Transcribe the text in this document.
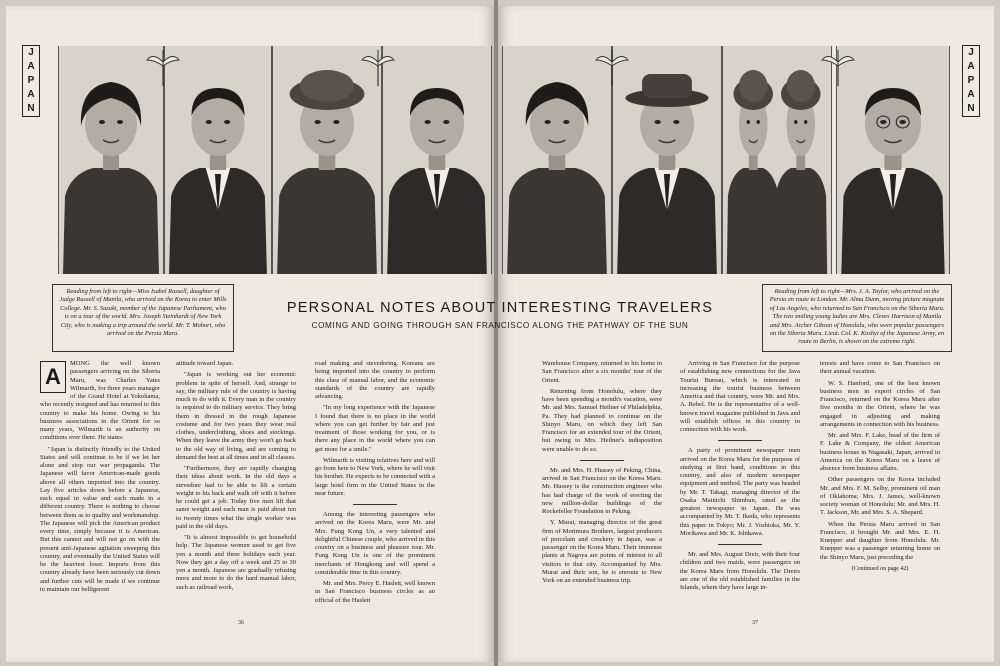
J
A
P
A
N
J
A
P
A
N
Reading from left to right—Miss Isabel Russell, daughter of Judge Russell of Manila, who arrived on the Korea to enter Mills College. Mr. S. Suzuki, member of the Japanese Parliament, who is on a tour of the world. Mrs. Joseph Steinhardt of New York City, who is making a trip around the world. Mr. T. Mohori, who arrived on the Persia Maru.
Reading from left to right—Mrs. J. A. Taylor, who arrived on the Persia en route to London. Mr. Alma Dunn, moving picture magnate of Los Angeles, who returned to San Francisco on the Siberia Maru. The two smiling young ladies are Mrs. Cleves Harrison of Manila and Mrs. Archer Gibson of Honolulu, who were popular passengers on the Siberia Maru. Lieut. Col. K. Koshyi of the Japanese Army, en route to Berlin, is shown on the extreme right.
PERSONAL NOTES ABOUT INTERESTING TRAVELERS
COMING AND GOING THROUGH SAN FRANCISCO ALONG THE PATHWAY OF THE SUN

A
MONG the well known passengers arriving on the Siberia Maru, was Charles Yates Wilmarth, for three years manager of the Grand Hotel at Yokohama, who recently resigned and has returned to this country to make his home. Owing to his business associations in the Orient for so many years, Wilmarth is an authority on conditions over there. He states:

"Japan is distinctly friendly to the United States and will continue to be if we let her alone and stop our war propaganda. The Japanese will favor American-made goods above all others imported into the country. Lay five articles down before a Japanese, each equal in value and each made in a different country. There is nothing to choose between them as to quality and workmanship. The Japanese will pick the American product every time, simply because it is American. But this cannot and will not go on with the present anti-Japanese agitation sweeping this country, and eventually the United States will be the heaviest loser. Imports from this country already have been seriously cut down and further cuts will be made if we continue to maintain our belligerent

attitude toward Japan.

"Japan is working out her economic problem in spite of herself. And, strange to say, the military rule of the country is having much to do with it. Every man in the country is required to do military service. They bring them in dressed in the rough Japanese costume and for two years they wear real clothes, underclothing, shoes and stockings. When they leave the army they won't go back to the old way of living, and are coming to demand the best at all times and in all classes.

"Furthermore, they are rapidly changing their ideas about work. In the old days a stevedore had to be able to lift a certain weight to his back and walk off with it before he could get a job. Today five men lift that same weight and each man is paid about ten to twenty times what the single worker was paid in the old days.

"It is almost impossible to get household help. The Japanese women used to get five yen a month and three holidays each year. Now they get a day off a week and 25 to 30 yen a month. Japanese are gradually refusing more and more to do the hard manual labor, such as railroad work,

road making and stevedoring. Koreans are being imported into the country to perform this class of manual labor, and the economic standards of the country are rapidly advancing.

"In my long experience with the Japanese I found that there is no place in the world where you can get further by fair and just treatment of those working for you, or is there any place in the world where you can get more for a smile."

Wilmarth is visiting relatives here and will go from here to New York, where he will visit his brother. He expects to be connected with a large hotel firm in the United States in the near future.

Among the interesting passengers who arrived on the Korea Maru, were Mr. and Mrs. Fung Kong Un, a very talented and delightful Chinese couple, who arrived in this country on a business and pleasure tour. Mr. Fung Kong Un is one of the prominent merchants of Hongkong and will spend a considerable time in this country.

Mr. and Mrs. Percy E. Haslett, well known in San Francisco business circles as an official of the Haslett

Warehouse Company, returned to his home in San Francisco after a six months' tour of the Orient.

Returning from Honolulu, where they have been spending a month's vacation, were Mr. and Mrs. Samuel Heilner of Philadelphia, Pa. They had planned to continue on the Shinyo Maru, on which they left San Francisco for an extended tour of the Orient, but owing to Mrs. Heilner's indisposition were unable to do so.

Mr. and Mrs. H. Hussey of Peking, China, arrived in San Francisco on the Korea Maru. Mr. Hussey is the construction engineer who has had charge of the work of erecting the new million-dollar buildings of the Rockefeller Foundation in Peking.

Y. Murai, managing director of the great firm of Morimura Brothers, largest producers of porcelain and crockery in Japan, was a passenger on the Korea Maru. Their immense plants at Nagoya are points of interest to all visitors to that city. Accompanied by Mrs. Murai and their son, he is enroute to New York on an extended business trip.

Arriving in San Francisco for the purpose of establishing new connections for the Java Tourist Bureau, which is interested in increasing the tourist business between America and that country, were Mr. and Mrs. A. Rebel. He is the representative of a well-known travel magazine published in Java and will establish offices in this country in connection with his work.

A party of prominent newspaper men arrived on the Korea Maru for the purpose of studying at first hand, conditions in this country, and also of modern newspaper equipment and method. The party was headed by Mr. T. Takagi, managing director of the Osaka Mainichi Shimbun, rated as the greatest newspaper in Japan. He was accompanied by Mr. T. Ikeda, who represents this paper in Tokyo; Mr. J. Yoshioka, Mr. Y. Morikawa and Mr. K. Ishikawa.

Mr. and Mrs. August Dreir, with their four children and two maids, were passengers on the Korea Maru from Honolulu. The Dreirs are one of the old established families in the Islands, where they have large in-

terests and have come to San Francisco on their annual vacation.

W. S. Hanford, one of the best known business men in export circles of San Francisco, returned on the Korea Maru after five months in the Orient, where he was engaged in adjusting and making arrangements in connection with his business.

Mr. and Mrs. F. Lake, head of the firm of F. Lake & Company, the oldest American business house in Nagasaki, Japan, arrived in America on the Korea Maru on a leave of absence from business affairs.

Other passengers on the Korea included Mr. and Mrs. F. M. Selby, prominent oil man of Oklahoma; Mrs. J. James, well-known society woman of Honolulu; Mr. and Mrs. H. T. Jackson, Mr. and Mrs. S. A. Shepard.

When the Persia Maru arrived in San Francisco, it brought Mr. and Mrs. E. H. Knepper and daughter from Honolulu. Mr. Knepper was a passenger returning home on the Shinyo Maru, just preceding the

(Continued on page 42)
36	37
